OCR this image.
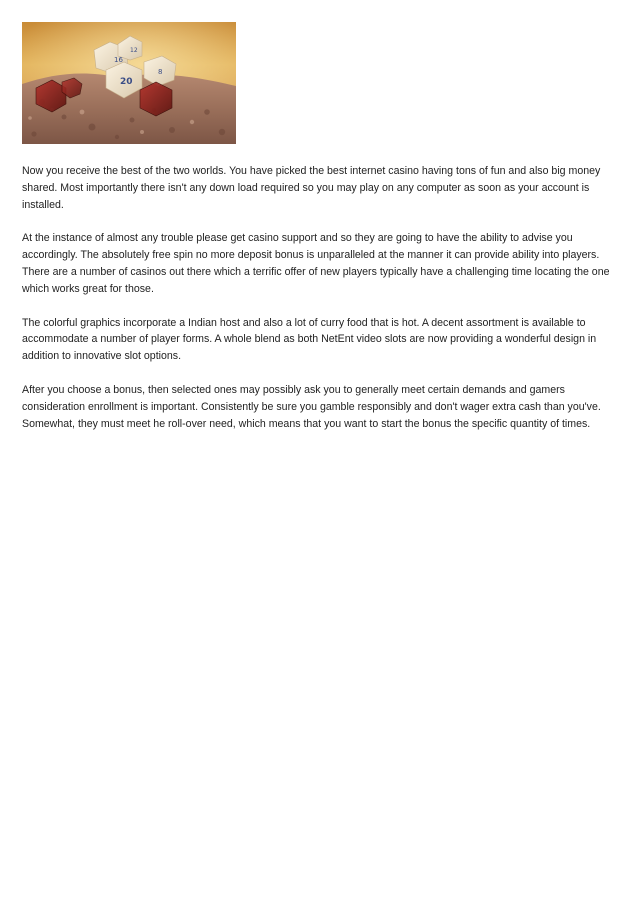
16
20
12
8

Now you receive the best of the two worlds. You have picked the best internet casino having tons of fun and also big money shared. Most importantly there isn't any down load required so you may play on any computer as soon as your account is installed.

At the instance of almost any trouble please get casino support and so they are going to have the ability to advise you accordingly. The absolutely free spin no more deposit bonus is unparalleled at the manner it can provide ability into players. There are a number of casinos out there which a terrific offer of new players typically have a challenging time locating the one which works great for those.

The colorful graphics incorporate a Indian host and also a lot of curry food that is hot. A decent assortment is available to accommodate a number of player forms. A whole blend as both NetEnt video slots are now providing a wonderful design in addition to innovative slot options.

After you choose a bonus, then selected ones may possibly ask you to generally meet certain demands and gamers consideration enrollment is important. Consistently be sure you gamble responsibly and don't wager extra cash than you've. Somewhat, they must meet he roll-over need, which means that you want to start the bonus the specific quantity of times.
